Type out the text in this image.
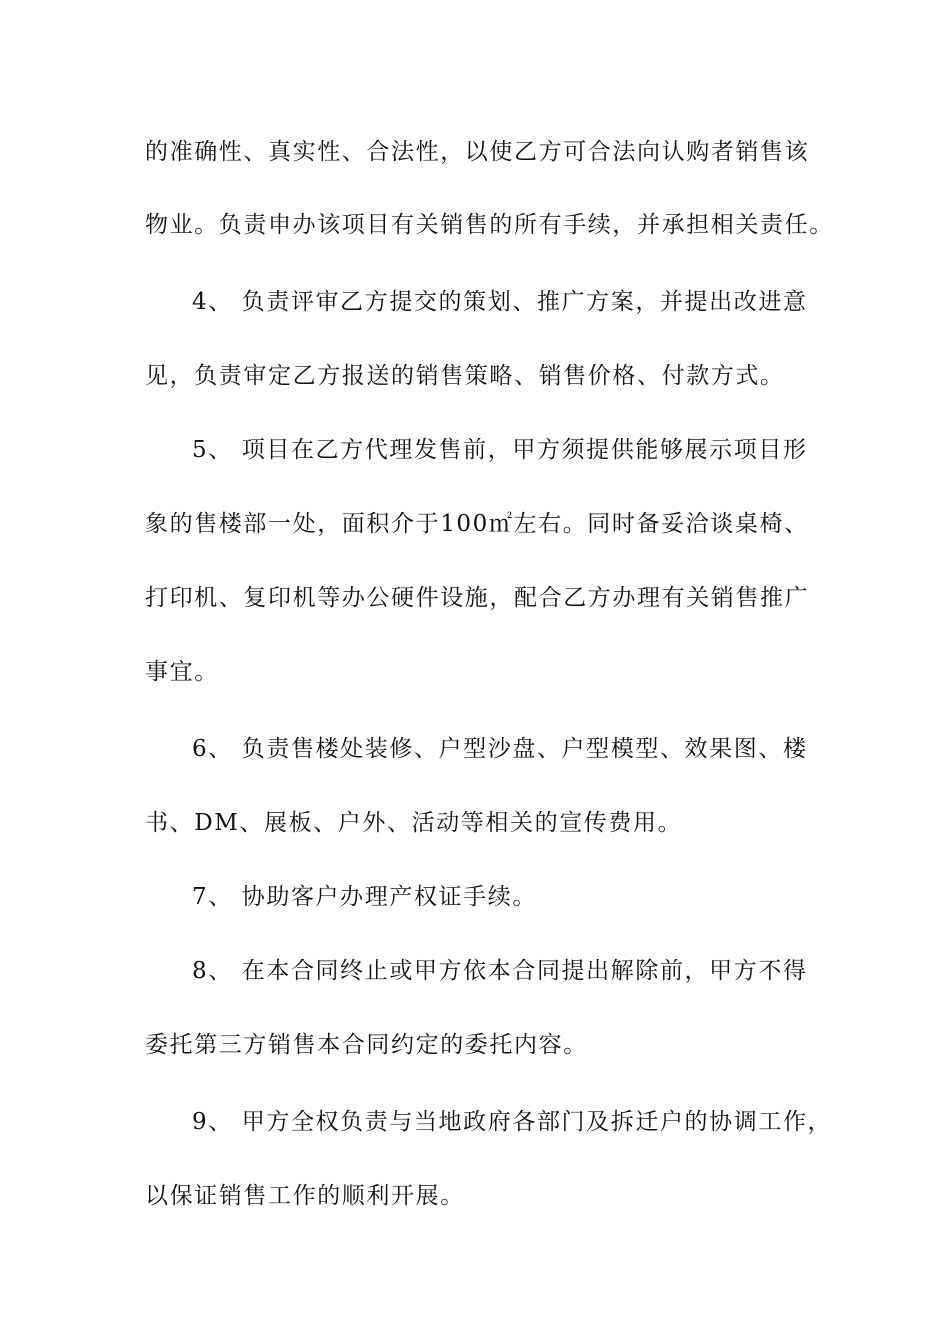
的准确性、真实性、合法性，以使乙方可合法向认购者销售该
物业。负责申办该项目有关销售的所有手续，并承担相关责任。
4、 负责评审乙方提交的策划、推广方案，并提出改进意
见，负责审定乙方报送的销售策略、销售价格、付款方式。
5、 项目在乙方代理发售前，甲方须提供能够展示项目形
象的售楼部一处，面积介于100㎡左右。同时备妥洽谈桌椅、
打印机、复印机等办公硬件设施，配合乙方办理有关销售推广
事宜。
6、 负责售楼处装修、户型沙盘、户型模型、效果图、楼
书、DM、展板、户外、活动等相关的宣传费用。
7、 协助客户办理产权证手续。
8、 在本合同终止或甲方依本合同提出解除前，甲方不得
委托第三方销售本合同约定的委托内容。
9、 甲方全权负责与当地政府各部门及拆迁户的协调工作，
以保证销售工作的顺利开展。
